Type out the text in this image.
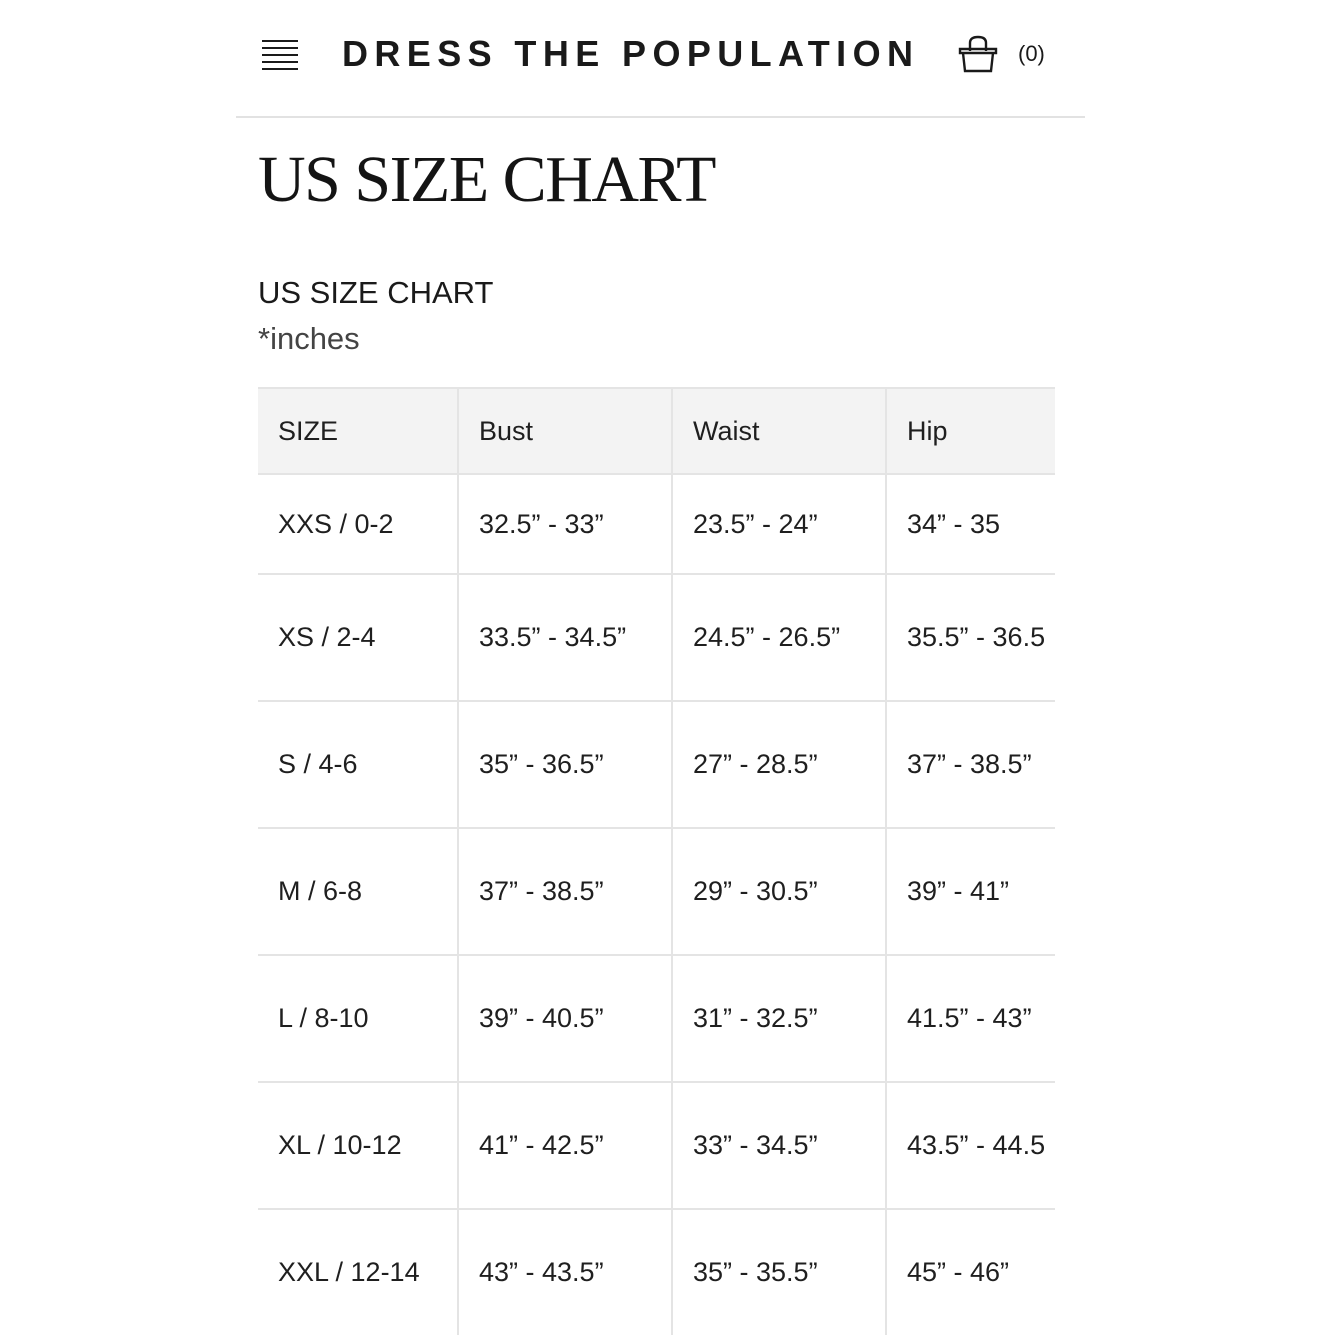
DRESS THE POPULATION	(0)
US SIZE CHART
US SIZE CHART
*inches
SIZE	Bust	Waist	Hip
XXS / 0-2	32.5” - 33”	23.5” - 24”	34” - 35
XS / 2-4	33.5” - 34.5”	24.5” - 26.5”	35.5” - 36.5
S / 4-6	35” - 36.5”	27” - 28.5”	37” - 38.5”
M / 6-8	37” - 38.5”	29” - 30.5”	39” - 41”
L / 8-10	39” - 40.5”	31” - 32.5”	41.5” - 43”
XL / 10-12	41” - 42.5”	33” - 34.5”	43.5” - 44.5
XXL / 12-14	43” - 43.5”	35” - 35.5”	45” - 46”
